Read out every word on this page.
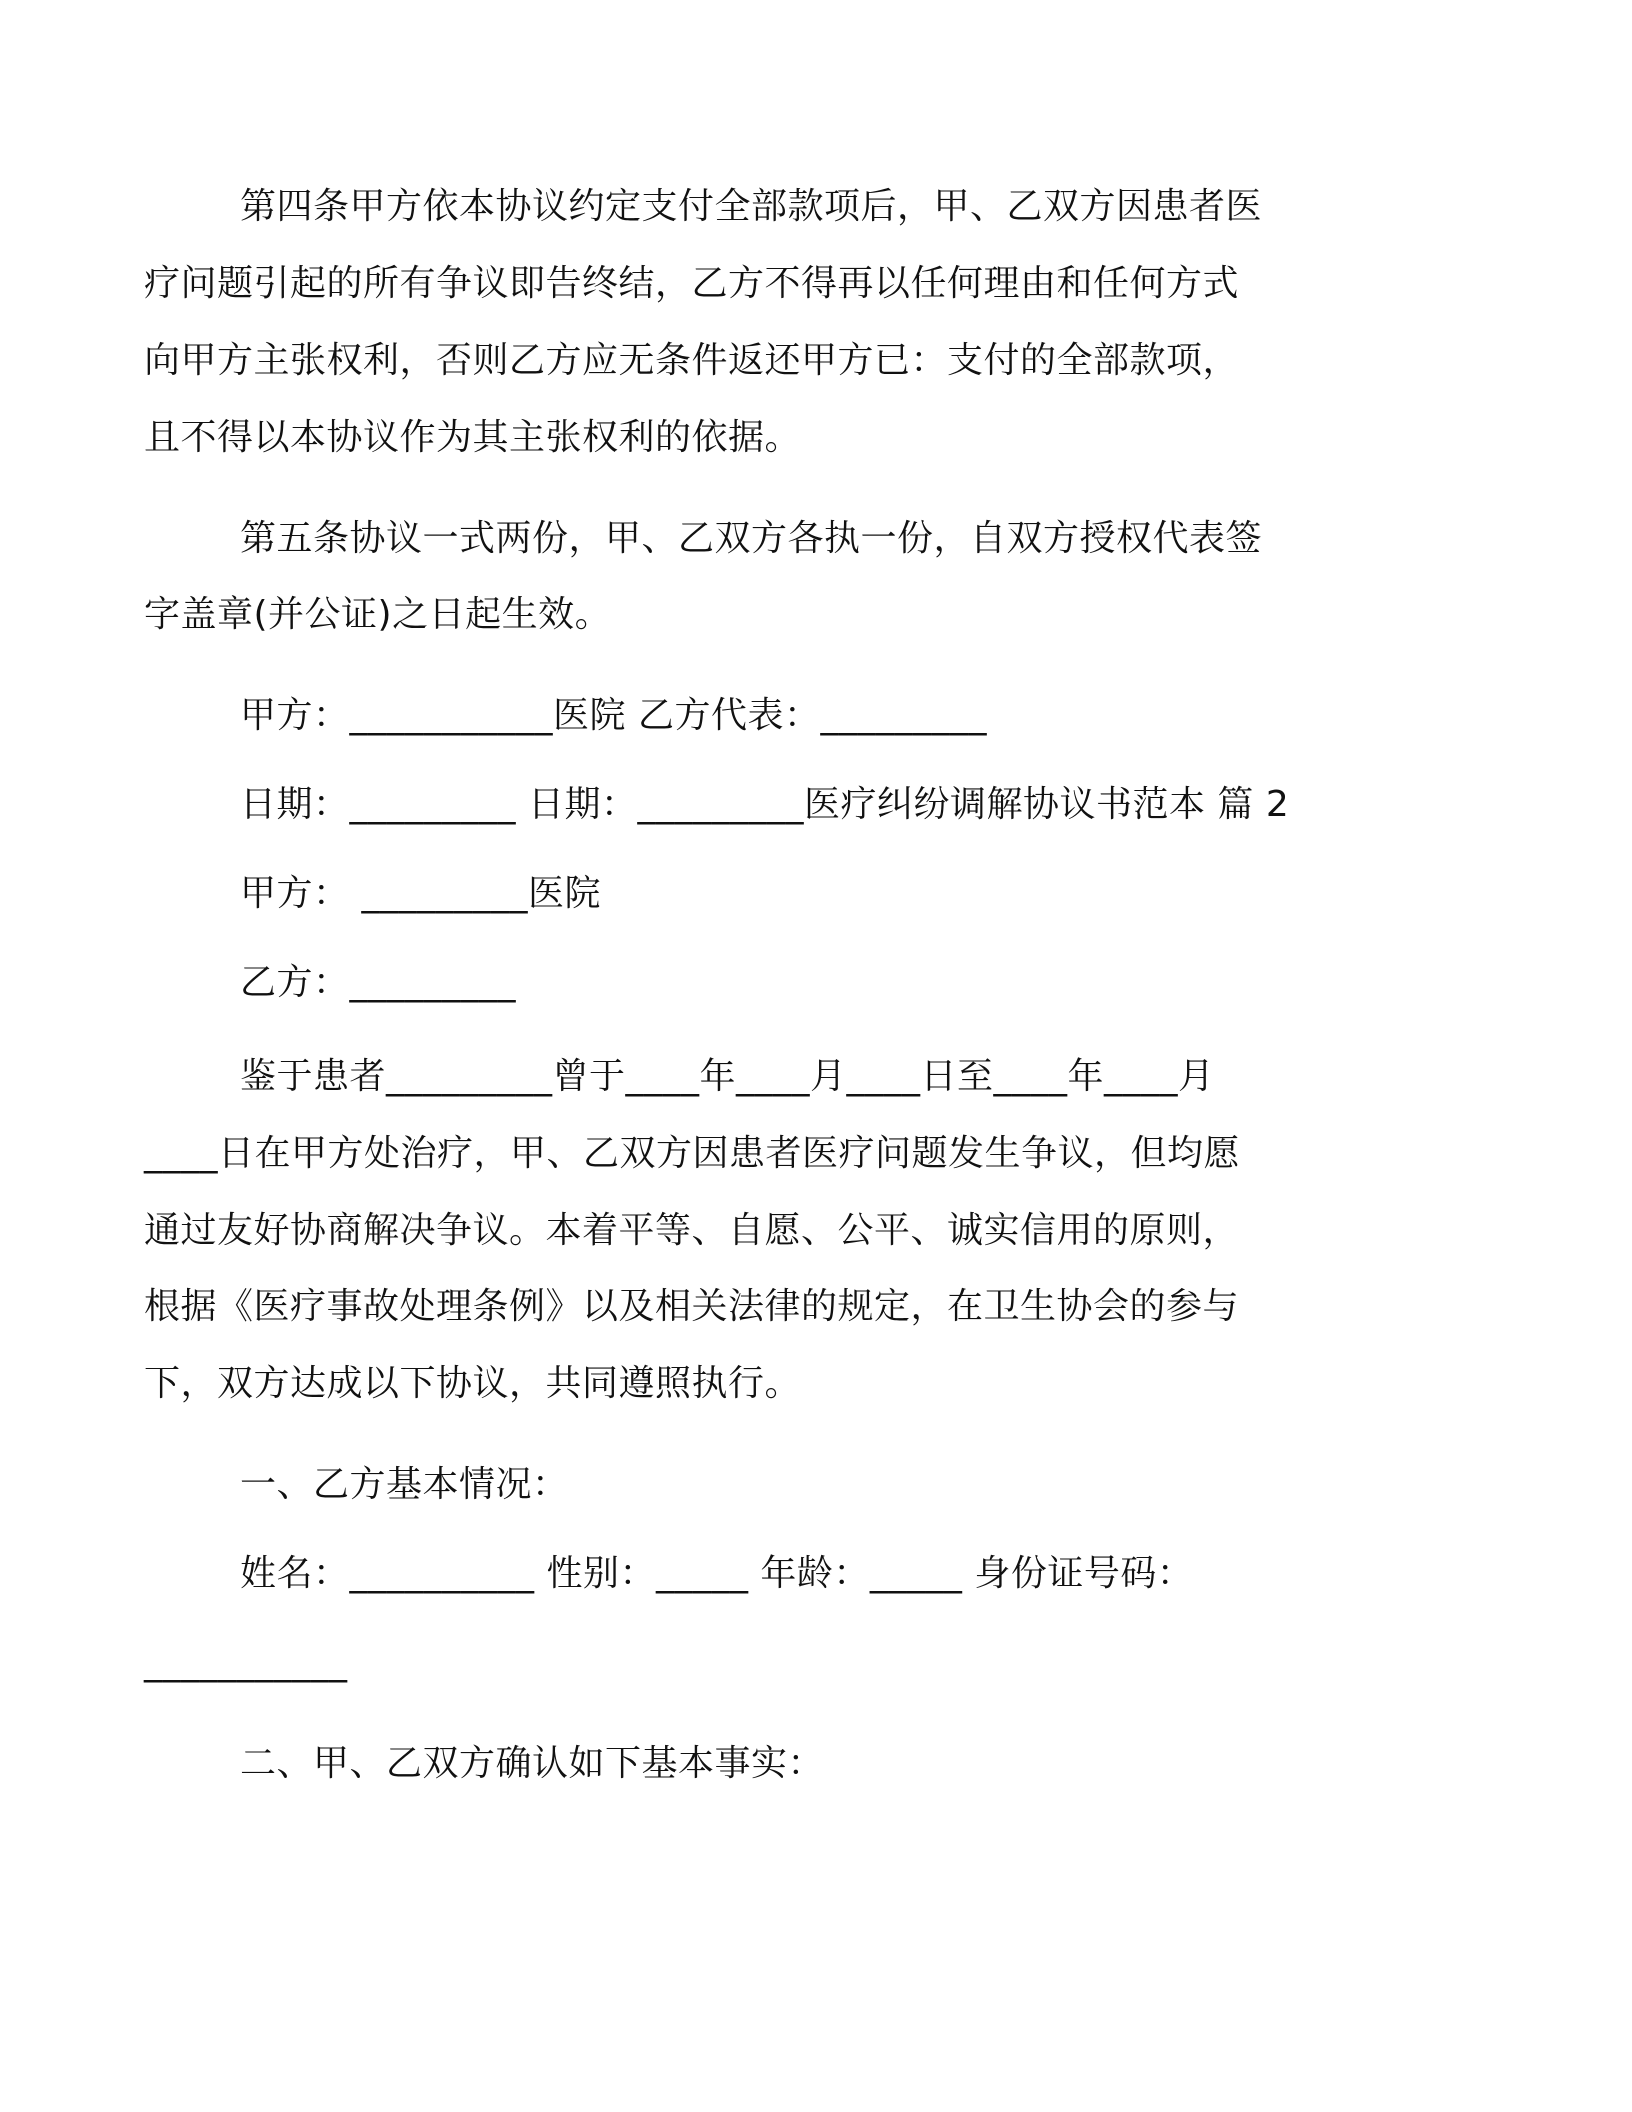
第四条甲方依本协议约定支付全部款项后，甲、乙双方因患者医
疗问题引起的所有争议即告终结，乙方不得再以任何理由和任何方式
向甲方主张权利，否则乙方应无条件返还甲方已：支付的全部款项，
且不得以本协议作为其主张权利的依据。
第五条协议一式两份，甲、乙双方各执一份，自双方授权代表签
字盖章(并公证)之日起生效。
甲方：___________医院 乙方代表：_________
日期：_________ 日期：_________医疗纠纷调解协议书范本 篇 2
甲方： _________医院
乙方：_________
鉴于患者_________曾于____年____月____日至____年____月
____日在甲方处治疗，甲、乙双方因患者医疗问题发生争议，但均愿
通过友好协商解决争议。本着平等、自愿、公平、诚实信用的原则，
根据《医疗事故处理条例》以及相关法律的规定，在卫生协会的参与
下，双方达成以下协议，共同遵照执行。
一、乙方基本情况：
姓名：__________ 性别：_____ 年龄：_____ 身份证号码：
___________
二、甲、乙双方确认如下基本事实：
